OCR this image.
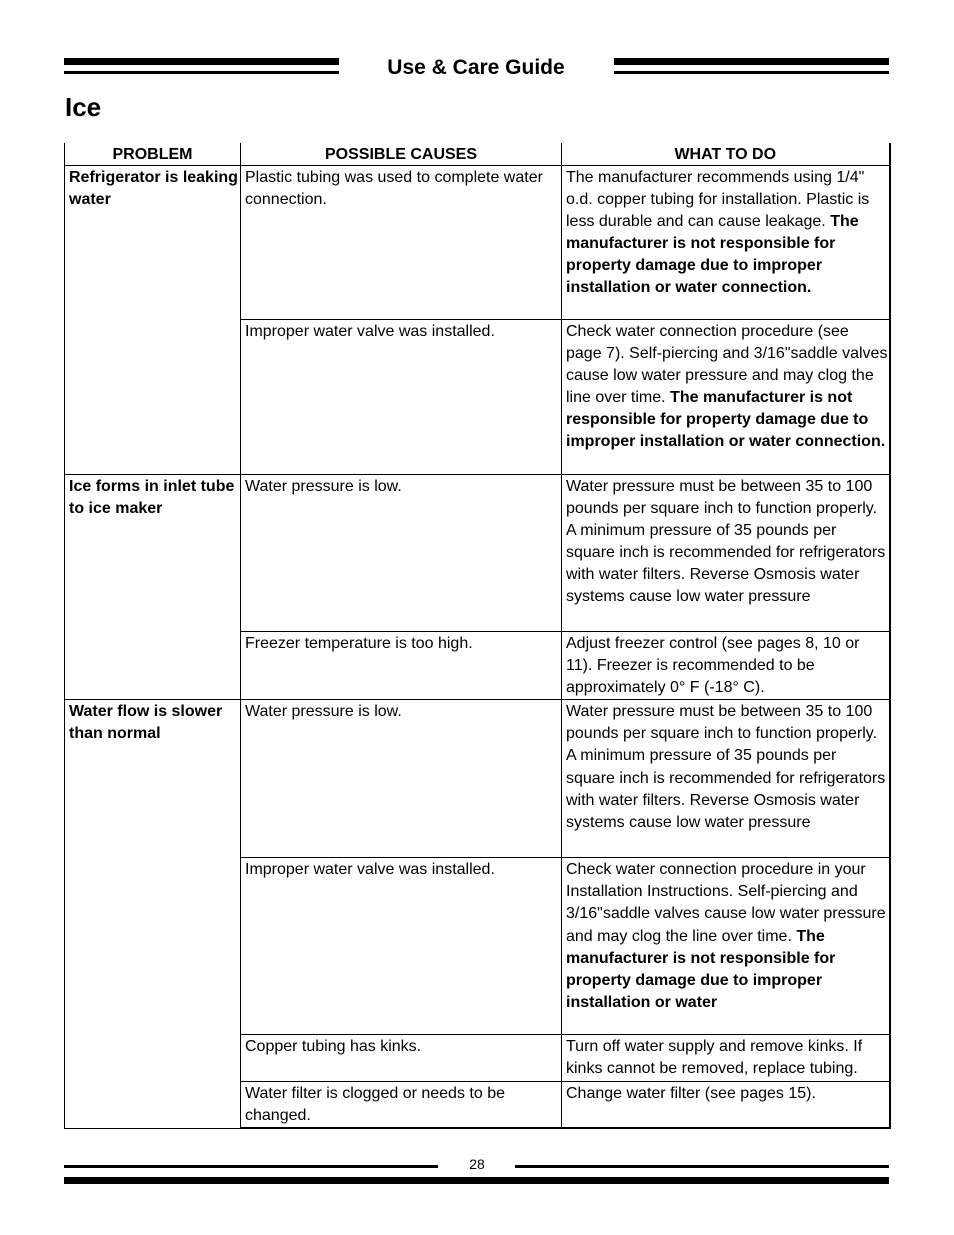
Use & Care Guide
Ice
PROBLEM	POSSIBLE CAUSES	WHAT TO DO
Refrigerator is leaking water	Plastic tubing was used to complete water connection.	The manufacturer recommends using 1/4" o.d. copper tubing for installation. Plastic is less durable and can cause leakage. The manufacturer is not responsible for property damage due to improper installation or water connection.
	Improper water valve was installed.	Check water connection procedure (see page 7). Self-piercing and 3/16"saddle valves cause low water pressure and may clog the line over time. The manufacturer is not responsible for property damage due to improper installation or water connection.
Ice forms in inlet tube to ice maker	Water pressure is low.	Water pressure must be between 35 to 100 pounds per square inch to function properly. A minimum pressure of 35 pounds per square inch is recommended for refrigerators with water filters. Reverse Osmosis water systems cause low water pressure
	Freezer temperature is too high.	Adjust freezer control (see pages 8, 10 or 11). Freezer is recommended to be approximately 0° F (-18° C).
Water flow is slower than normal	Water pressure is low.	Water pressure must be between 35 to 100 pounds per square inch to function properly. A minimum pressure of 35 pounds per square inch is recommended for refrigerators with water filters. Reverse Osmosis water systems cause low water pressure
	Improper water valve was installed.	Check water connection procedure in your Installation Instructions. Self-piercing and 3/16"saddle valves cause low water pressure and may clog the line over time. The manufacturer is not responsible for property damage due to improper installation or water
	Copper tubing has kinks.	Turn off water supply and remove kinks. If kinks cannot be removed, replace tubing.
	Water filter is clogged or needs to be changed.	Change water filter (see pages 15).
28
